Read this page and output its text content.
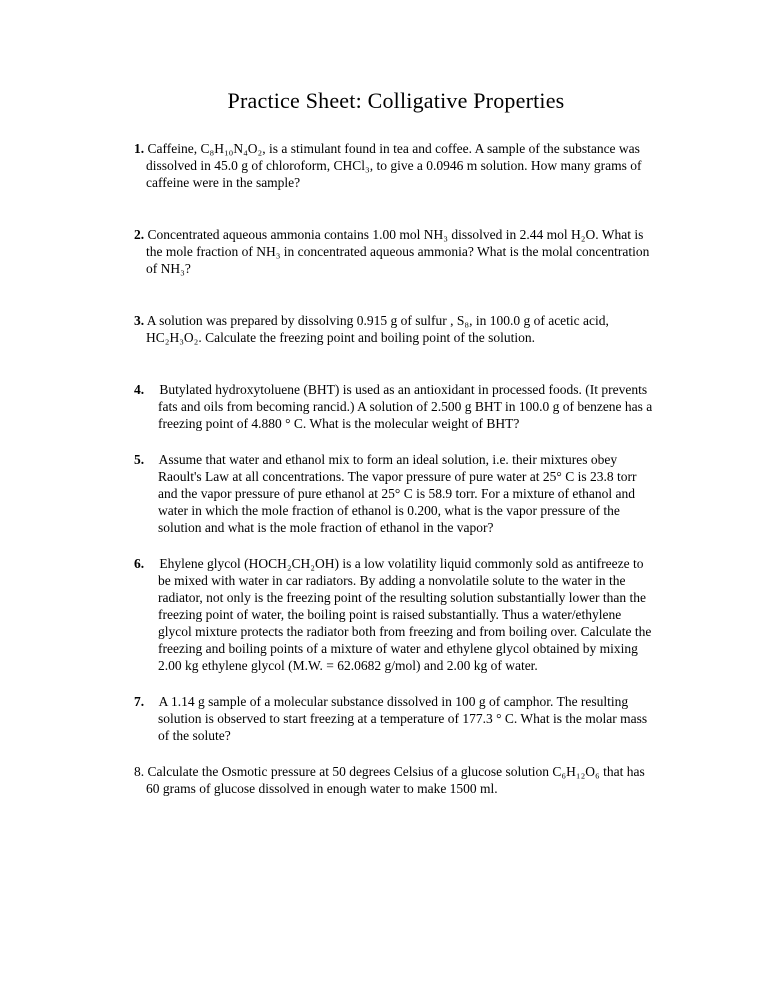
Practice Sheet: Colligative Properties
1. Caffeine, C₈H₁₀N₄O₂, is a stimulant found in tea and coffee. A sample of the substance was dissolved in 45.0 g of chloroform, CHCl₃, to give a 0.0946 m solution. How many grams of caffeine were in the sample?
2. Concentrated aqueous ammonia contains 1.00 mol NH₃ dissolved in 2.44 mol H₂O. What is the mole fraction of NH₃ in concentrated aqueous ammonia? What is the molal concentration of NH₃?
3. A solution was prepared by dissolving 0.915 g of sulfur , S₈, in 100.0 g of acetic acid, HC₂H₃O₂. Calculate the freezing point and boiling point of the solution.
4. Butylated hydroxytoluene (BHT) is used as an antioxidant in processed foods. (It prevents fats and oils from becoming rancid.) A solution of 2.500 g BHT in 100.0 g of benzene has a freezing point of 4.880 ° C. What is the molecular weight of BHT?
5. Assume that water and ethanol mix to form an ideal solution, i.e. their mixtures obey Raoult's Law at all concentrations. The vapor pressure of pure water at 25° C is 23.8 torr and the vapor pressure of pure ethanol at 25° C is 58.9 torr. For a mixture of ethanol and water in which the mole fraction of ethanol is 0.200, what is the vapor pressure of the solution and what is the mole fraction of ethanol in the vapor?
6. Ehylene glycol (HOCH₂CH₂OH) is a low volatility liquid commonly sold as antifreeze to be mixed with water in car radiators. By adding a nonvolatile solute to the water in the radiator, not only is the freezing point of the resulting solution substantially lower than the freezing point of water, the boiling point is raised substantially. Thus a water/ethylene glycol mixture protects the radiator both from freezing and from boiling over. Calculate the freezing and boiling points of a mixture of water and ethylene glycol obtained by mixing 2.00 kg ethylene glycol (M.W. = 62.0682 g/mol) and 2.00 kg of water.
7. A 1.14 g sample of a molecular substance dissolved in 100 g of camphor. The resulting solution is observed to start freezing at a temperature of 177.3 ° C. What is the molar mass of the solute?
8. Calculate the Osmotic pressure at 50 degrees Celsius of a glucose solution C₆H₁₂O₆ that has 60 grams of glucose dissolved in enough water to make 1500 ml.
